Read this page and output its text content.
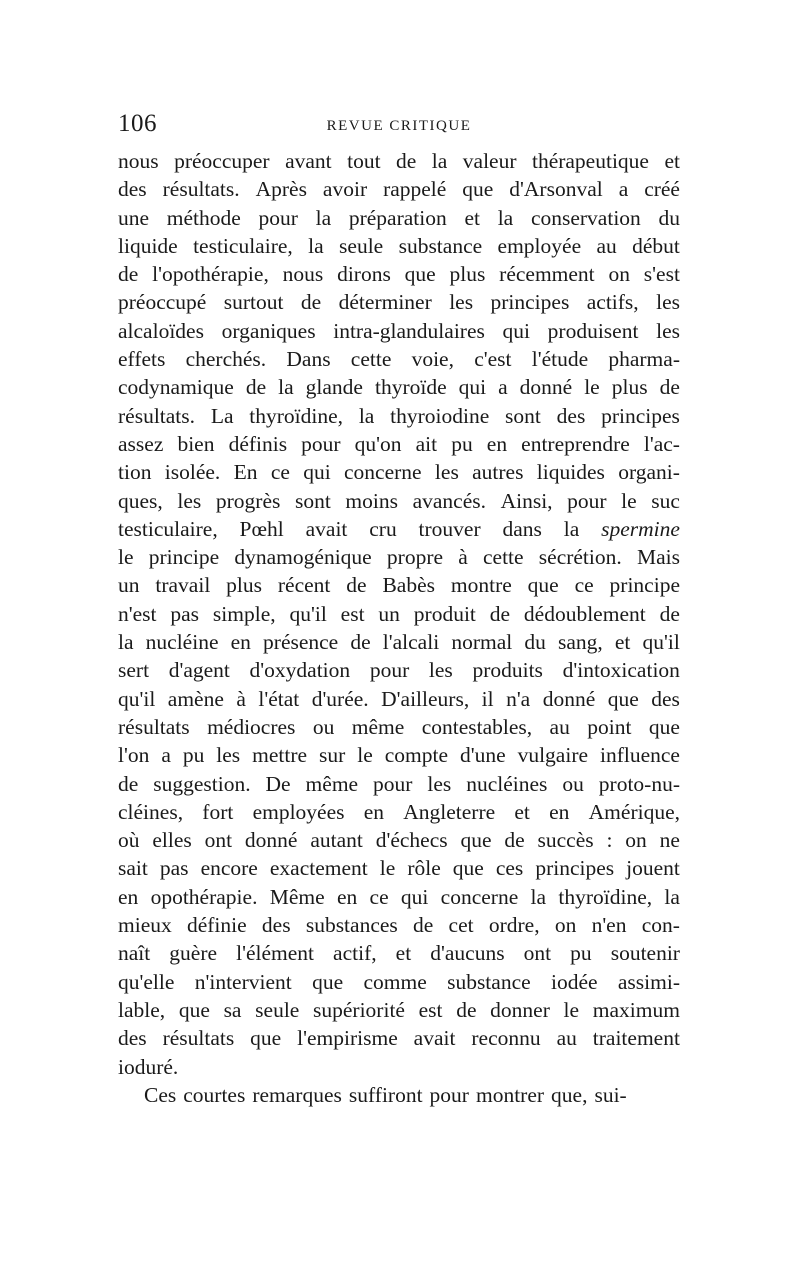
106	REVUE CRITIQUE
nous préoccuper avant tout de la valeur thérapeutique et
des résultats. Après avoir rappelé que d'Arsonval a créé
une méthode pour la préparation et la conservation du
liquide testiculaire, la seule substance employée au début
de l'opothérapie, nous dirons que plus récemment on s'est
préoccupé surtout de déterminer les principes actifs, les
alcaloïdes organiques intra-glandulaires qui produisent les
effets cherchés. Dans cette voie, c'est l'étude pharma-
codynamique de la glande thyroïde qui a donné le plus de
résultats. La thyroïdine, la thyroiodine sont des principes
assez bien définis pour qu'on ait pu en entreprendre l'ac-
tion isolée. En ce qui concerne les autres liquides organi-
ques, les progrès sont moins avancés. Ainsi, pour le suc
testiculaire, Pœhl avait cru trouver dans la spermine
le principe dynamogénique propre à cette sécrétion. Mais
un travail plus récent de Babès montre que ce principe
n'est pas simple, qu'il est un produit de dédoublement de
la nucléine en présence de l'alcali normal du sang, et qu'il
sert d'agent d'oxydation pour les produits d'intoxication
qu'il amène à l'état d'urée. D'ailleurs, il n'a donné que des
résultats médiocres ou même contestables, au point que
l'on a pu les mettre sur le compte d'une vulgaire influence
de suggestion. De même pour les nucléines ou proto-nu-
cléines, fort employées en Angleterre et en Amérique,
où elles ont donné autant d'échecs que de succès : on ne
sait pas encore exactement le rôle que ces principes jouent
en opothérapie. Même en ce qui concerne la thyroïdine, la
mieux définie des substances de cet ordre, on n'en con-
naît guère l'élément actif, et d'aucuns ont pu soutenir
qu'elle n'intervient que comme substance iodée assimi-
lable, que sa seule supériorité est de donner le maximum
des résultats que l'empirisme avait reconnu au traitement
ioduré.
Ces courtes remarques suffiront pour montrer que, sui-
